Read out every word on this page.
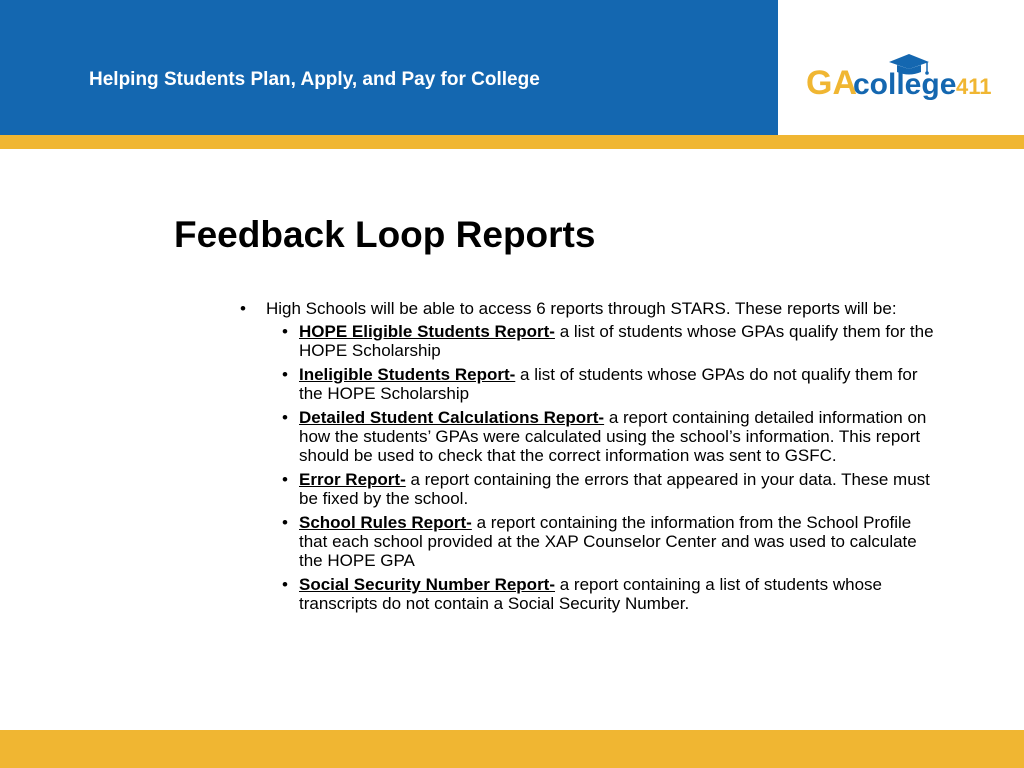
Helping Students Plan, Apply, and Pay for College	GA
college 411
Feedback Loop Reports
• High Schools will be able to access 6 reports through STARS. These reports will be:
• HOPE Eligible Students Report- a list of students whose GPAs qualify them for the HOPE Scholarship
• Ineligible Students Report- a list of students whose GPAs do not qualify them for the HOPE Scholarship
• Detailed Student Calculations Report- a report containing detailed information on how the students’ GPAs were calculated using the school’s information. This report should be used to check that the correct information was sent to GSFC.
• Error Report- a report containing the errors that appeared in your data. These must be fixed by the school.
• School Rules Report- a report containing the information from the School Profile that each school provided at the XAP Counselor Center and was used to calculate the HOPE GPA
• Social Security Number Report- a report containing a list of students whose transcripts do not contain a Social Security Number.
